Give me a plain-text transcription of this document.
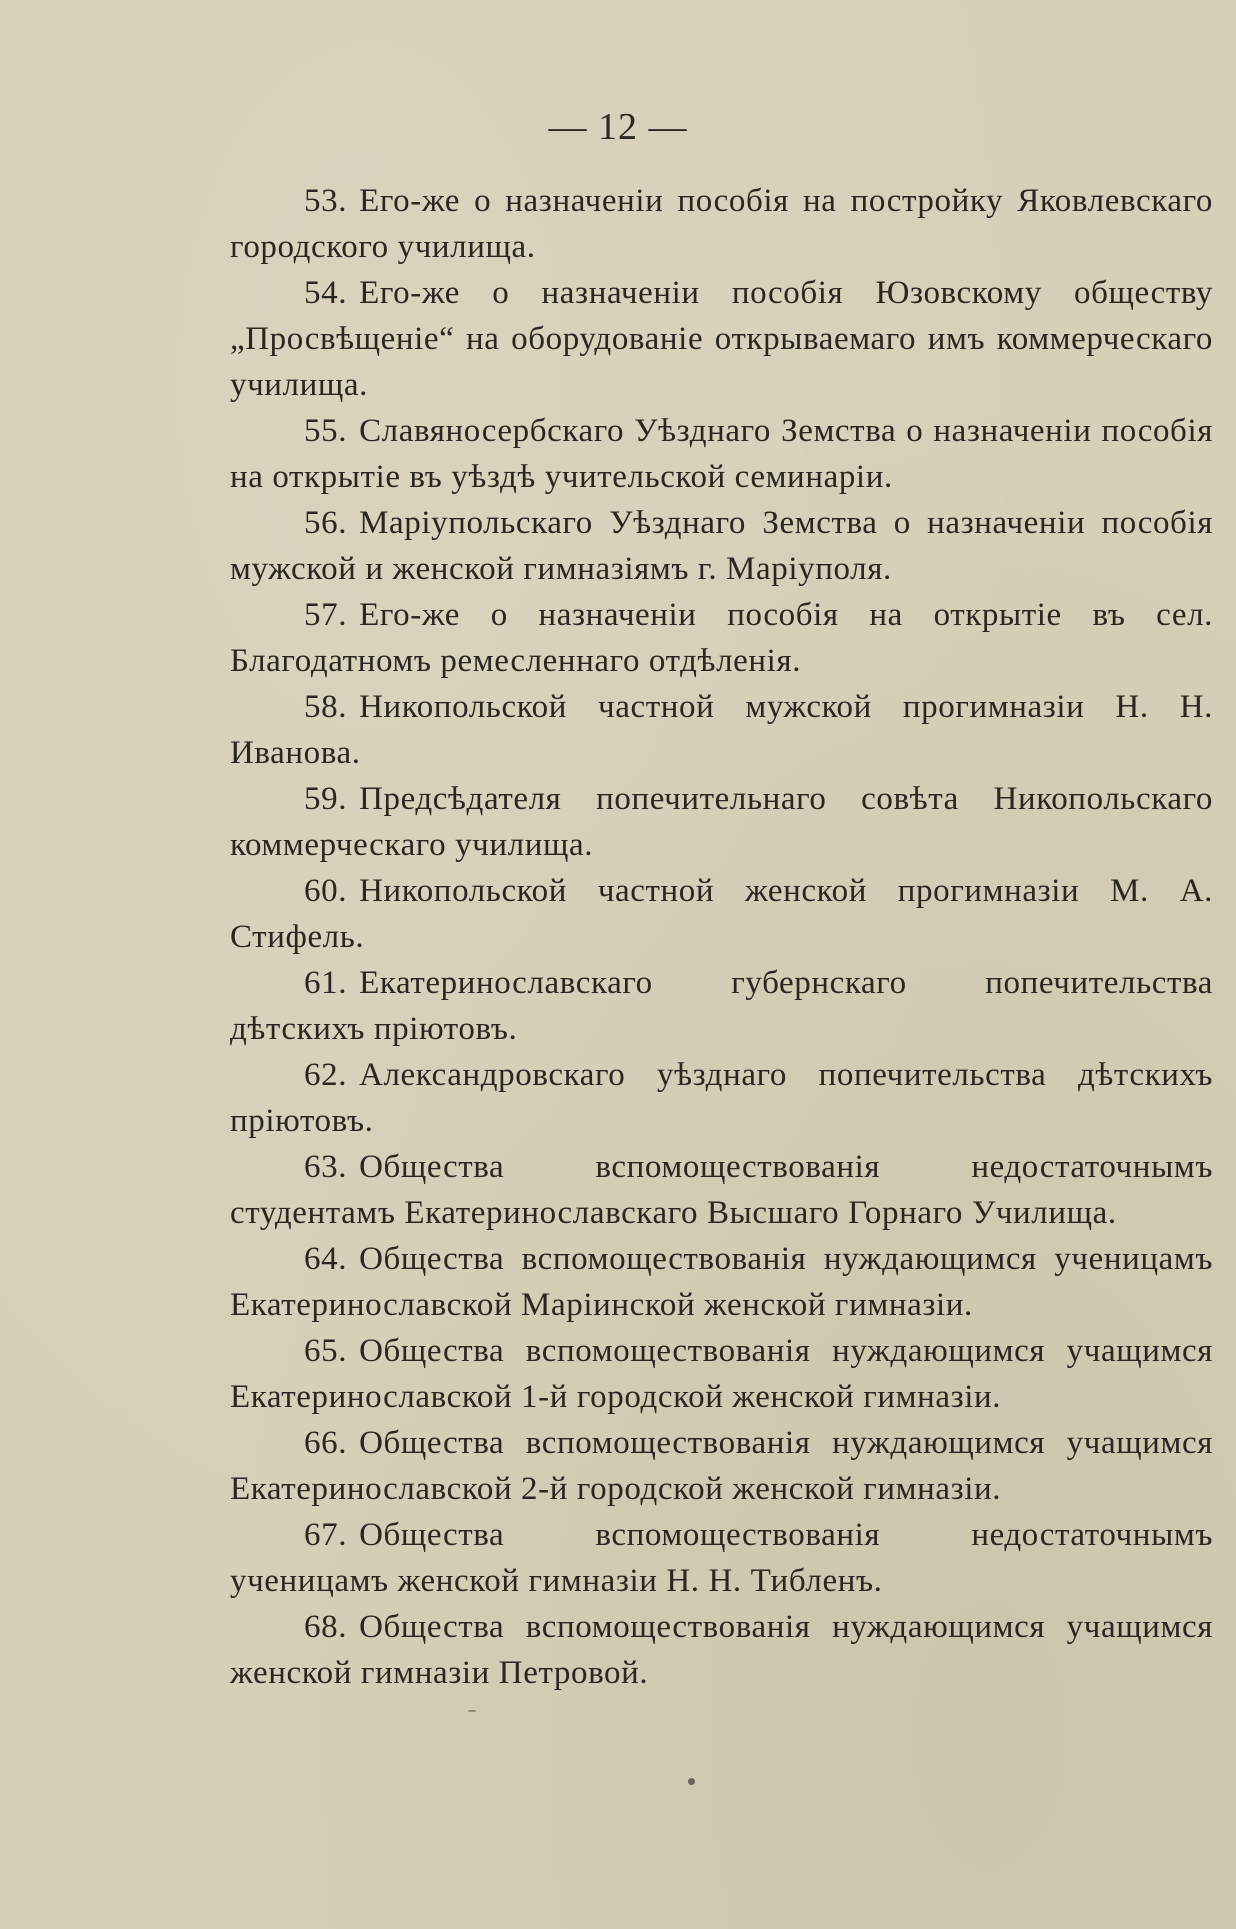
— 12 —

53. Его-же о назначеніи пособія на постройку Яковлевскаго городского училища.

54. Его-же о назначеніи пособія Юзовскому обществу „Просвѣщеніе“ на оборудованіе открываемаго имъ коммерческаго училища.

55. Славяносербскаго Уѣзднаго Земства о назначеніи пособія на открытіе въ уѣздѣ учительской семинаріи.

56. Маріупольскаго Уѣзднаго Земства о назначеніи пособія мужской и женской гимназіямъ г. Маріуполя.

57. Его-же о назначеніи пособія на открытіе въ сел. Благодатномъ ремесленнаго отдѣленія.

58. Никопольской частной мужской прогимназіи Н. Н. Иванова.

59. Предсѣдателя попечительнаго совѣта Никопольскаго коммерческаго училища.

60. Никопольской частной женской прогимназіи М. А. Стифель.

61. Екатеринославскаго губернскаго попечительства дѣтскихъ пріютовъ.

62. Александровскаго уѣзднаго попечительства дѣтскихъ пріютовъ.

63. Общества вспомоществованія недостаточнымъ студентамъ Екатеринославскаго Высшаго Горнаго Училища.

64. Общества вспомоществованія нуждающимся ученицамъ Екатеринославской Маріинской женской гимназіи.

65. Общества вспомоществованія нуждающимся учащимся Екатеринославской 1-й городской женской гимназіи.

66. Общества вспомоществованія нуждающимся учащимся Екатеринославской 2-й городской женской гимназіи.

67. Общества вспомоществованія недостаточнымъ ученицамъ женской гимназіи Н. Н. Тибленъ.

68. Общества вспомоществованія нуждающимся учащимся женской гимназіи Петровой.
